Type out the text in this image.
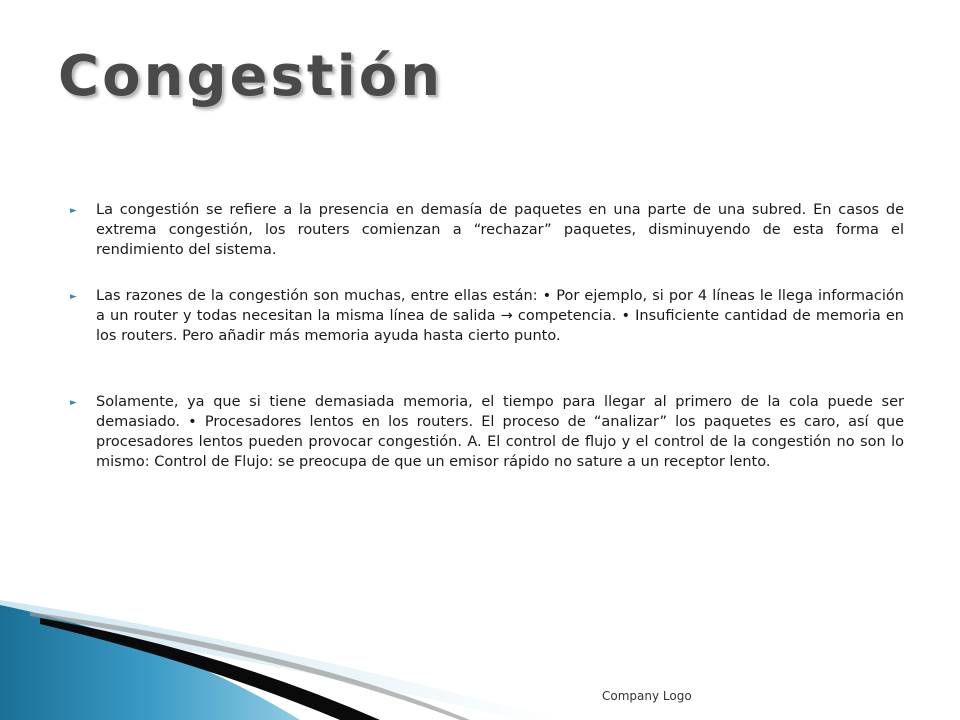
Congestión
► La congestión se refiere a la presencia en demasía de paquetes en una parte de una subred. En casos de extrema congestión, los routers comienzan a “rechazar” paquetes, disminuyendo de esta forma el rendimiento del sistema.
► Las razones de la congestión son muchas, entre ellas están: • Por ejemplo, si por 4 líneas le llega información a un router y todas necesitan la misma línea de salida → competencia. • Insuficiente cantidad de memoria en los routers. Pero añadir más memoria ayuda hasta cierto punto.
► Solamente, ya que si tiene demasiada memoria, el tiempo para llegar al primero de la cola puede ser demasiado. • Procesadores lentos en los routers. El proceso de “analizar” los paquetes es caro, así que procesadores lentos pueden provocar congestión. A. El control de flujo y el control de la congestión no son lo mismo: Control de Flujo: se preocupa de que un emisor rápido no sature a un receptor lento.
Company Logo
